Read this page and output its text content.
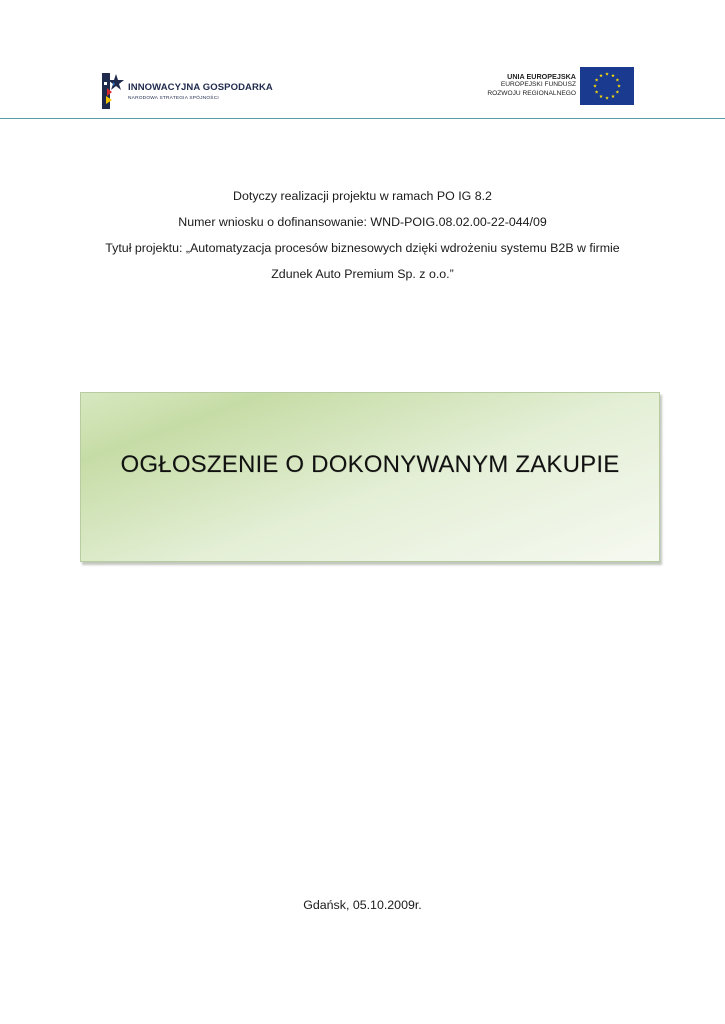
INNOWACYJNA GOSPODARKA
NARODOWA STRATEGIA SPÓJNOŚCI
UNIA EUROPEJSKA
EUROPEJSKI FUNDUSZ
ROZWOJU REGIONALNEGO

Dotyczy realizacji projektu w ramach PO IG 8.2

Numer wniosku o dofinansowanie: WND-POIG.08.02.00-22-044/09

Tytuł projektu: „Automatyzacja procesów biznesowych dzięki wdrożeniu systemu B2B w firmie

Zdunek Auto Premium Sp. z o.o.”

OGŁOSZENIE O DOKONYWANYM ZAKUPIE
Gdańsk, 05.10.2009r.
